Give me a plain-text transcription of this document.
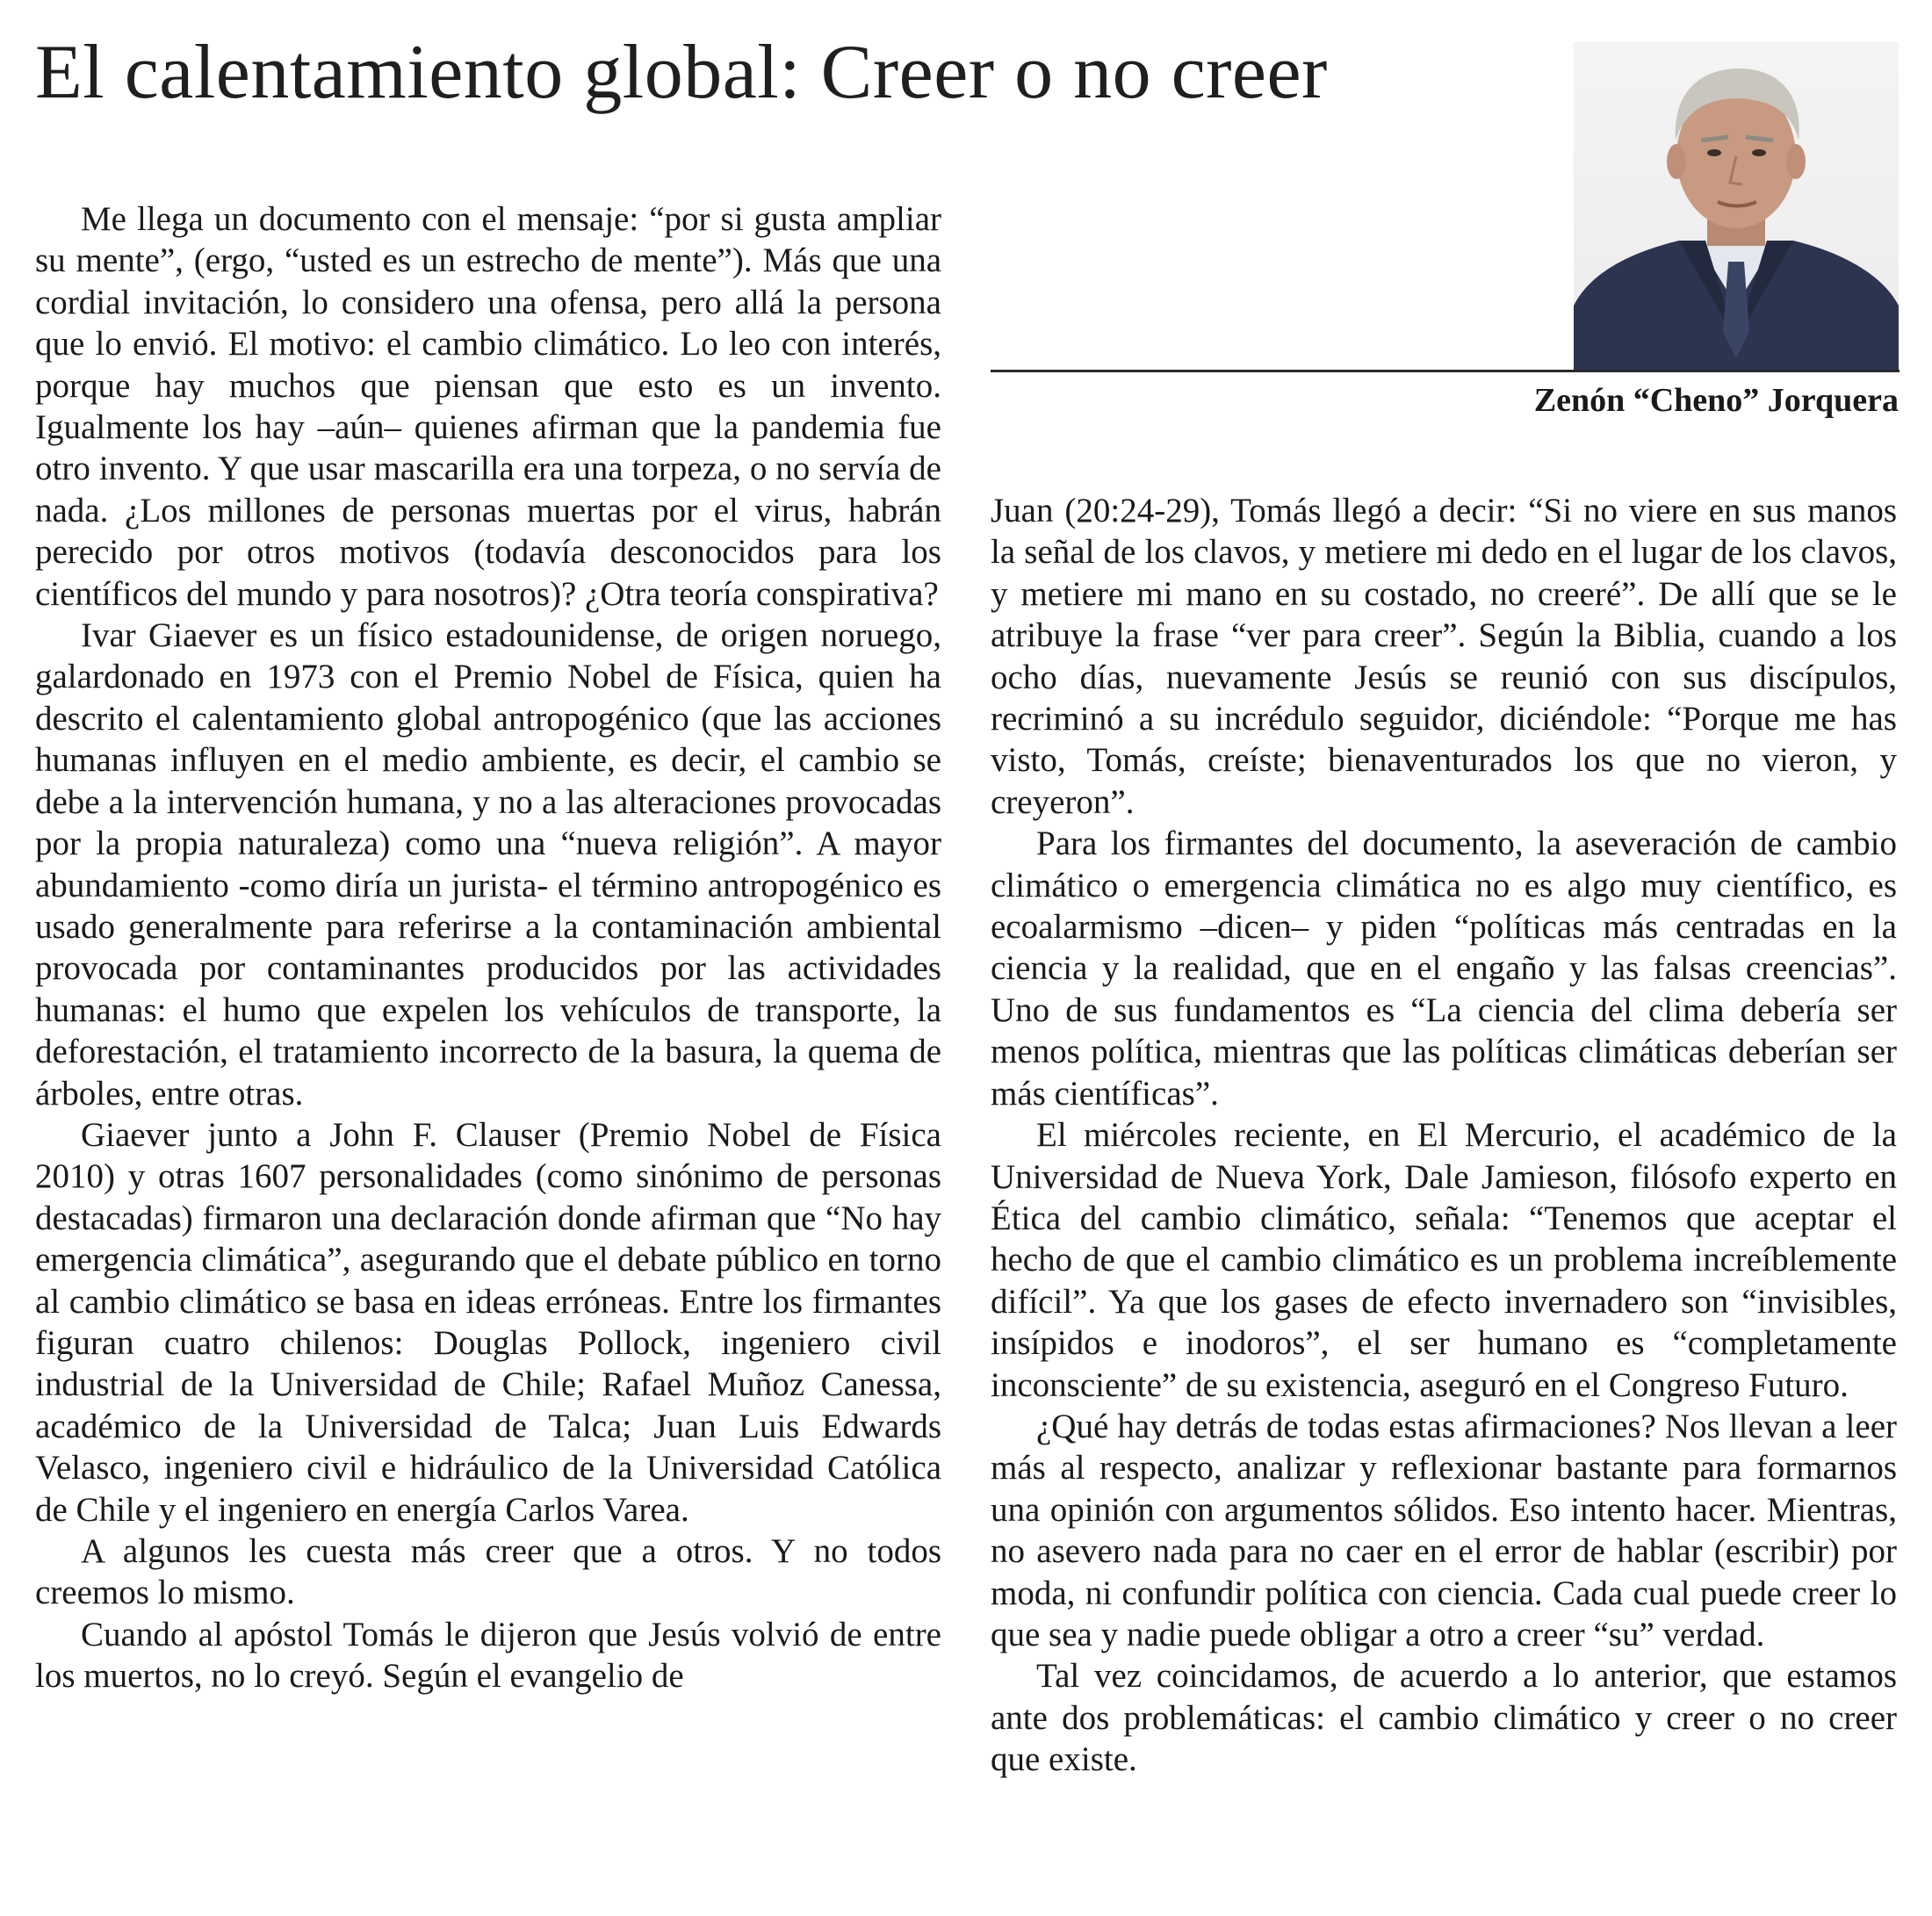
El calentamiento global: Creer o no creer
Zenón “Cheno” Jorquera

Me llega un documento con el mensaje: “por si gusta ampliar su mente”, (ergo, “usted es un estrecho de mente”). Más que una cordial invitación, lo considero una ofensa, pero allá la persona que lo envió. El motivo: el cambio climático. Lo leo con interés, porque hay muchos que piensan que esto es un invento. Igualmente los hay –aún– quienes afirman que la pandemia fue otro invento. Y que usar mascarilla era una torpeza, o no servía de nada. ¿Los millones de personas muertas por el virus, habrán perecido por otros motivos (todavía desconocidos para los científicos del mundo y para nosotros)? ¿Otra teoría conspirativa?

Ivar Giaever es un físico estadounidense, de origen noruego, galardonado en 1973 con el Premio Nobel de Física, quien ha descrito el calentamiento global antropogénico (que las acciones humanas influyen en el medio ambiente, es decir, el cambio se debe a la intervención humana, y no a las alteraciones provocadas por la propia naturaleza) como una “nueva religión”. A mayor abundamiento -como diría un jurista- el término antropogénico es usado generalmente para referirse a la contaminación ambiental provocada por contaminantes producidos por las actividades humanas: el humo que expelen los vehículos de transporte, la deforestación, el tratamiento incorrecto de la basura, la quema de árboles, entre otras.

Giaever junto a John F. Clauser (Premio Nobel de Física 2010) y otras 1607 personalidades (como sinónimo de personas destacadas) firmaron una declaración donde afirman que “No hay emergencia climática”, asegurando que el debate público en torno al cambio climático se basa en ideas erróneas. Entre los firmantes figuran cuatro chilenos: Douglas Pollock, ingeniero civil industrial de la Universidad de Chile; Rafael Muñoz Canessa, académico de la Universidad de Talca; Juan Luis Edwards Velasco, ingeniero civil e hidráulico de la Universidad Católica de Chile y el ingeniero en energía Carlos Varea.

A algunos les cuesta más creer que a otros. Y no todos creemos lo mismo.

Cuando al apóstol Tomás le dijeron que Jesús volvió de entre los muertos, no lo creyó. Según el evangelio de

Juan (20:24-29), Tomás llegó a decir: “Si no viere en sus manos la señal de los clavos, y metiere mi dedo en el lugar de los clavos, y metiere mi mano en su costado, no creeré”. De allí que se le atribuye la frase “ver para creer”. Según la Biblia, cuando a los ocho días, nuevamente Jesús se reunió con sus discípulos, recriminó a su incrédulo seguidor, diciéndole: “Porque me has visto, Tomás, creíste; bienaventurados los que no vieron, y creyeron”.

Para los firmantes del documento, la aseveración de cambio climático o emergencia climática no es algo muy científico, es ecoalarmismo –dicen– y piden “políticas más centradas en la ciencia y la realidad, que en el engaño y las falsas creencias”. Uno de sus fundamentos es “La ciencia del clima debería ser menos política, mientras que las políticas climáticas deberían ser más científicas”.

El miércoles reciente, en El Mercurio, el académico de la Universidad de Nueva York, Dale Jamieson, filósofo experto en Ética del cambio climático, señala: “Tenemos que aceptar el hecho de que el cambio climático es un problema increíblemente difícil”. Ya que los gases de efecto invernadero son “invisibles, insípidos e inodoros”, el ser humano es “completamente inconsciente” de su existencia, aseguró en el Congreso Futuro.

¿Qué hay detrás de todas estas afirmaciones? Nos llevan a leer más al respecto, analizar y reflexionar bastante para formarnos una opinión con argumentos sólidos. Eso intento hacer. Mientras, no asevero nada para no caer en el error de hablar (escribir) por moda, ni confundir política con ciencia. Cada cual puede creer lo que sea y nadie puede obligar a otro a creer “su” verdad.

Tal vez coincidamos, de acuerdo a lo anterior, que estamos ante dos problemáticas: el cambio climático y creer o no creer que existe.
